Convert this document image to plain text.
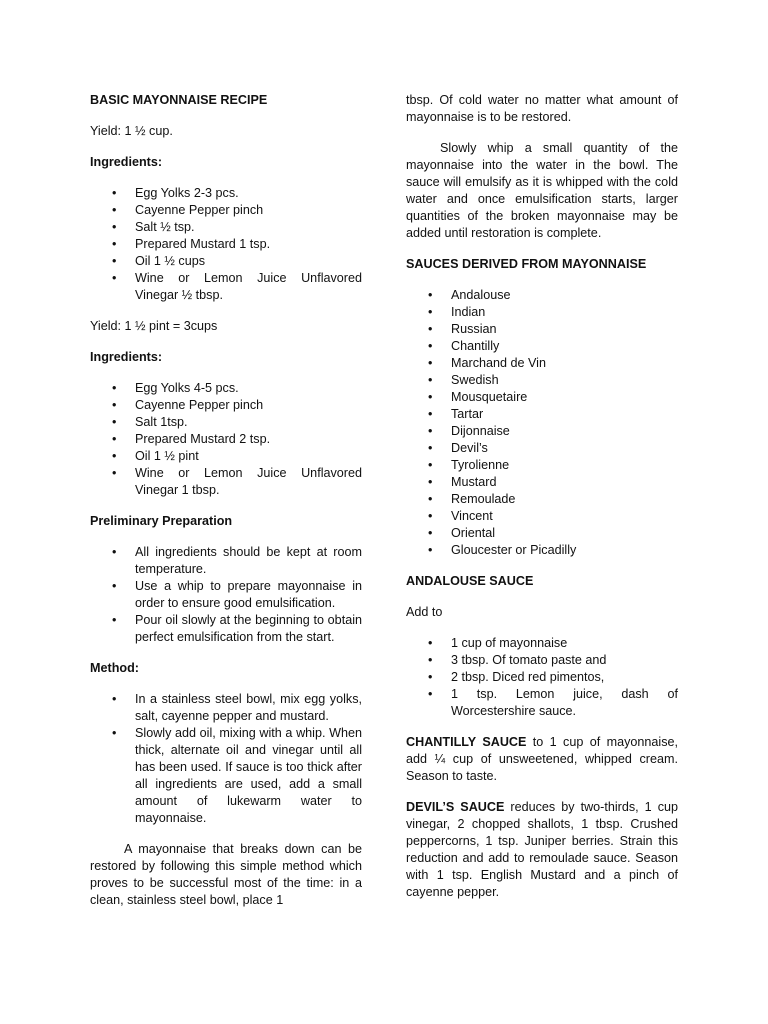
BASIC MAYONNAISE RECIPE

Yield: 1 ½ cup.

Ingredients:
• Egg Yolks 2-3 pcs.
• Cayenne Pepper pinch
• Salt ½ tsp.
• Prepared Mustard 1 tsp.
• Oil 1 ½ cups
• Wine or Lemon Juice Unflavored Vinegar ½ tbsp.

Yield: 1 ½ pint = 3cups

Ingredients:
• Egg Yolks 4-5 pcs.
• Cayenne Pepper pinch
• Salt 1tsp.
• Prepared Mustard 2 tsp.
• Oil 1 ½ pint
• Wine or Lemon Juice Unflavored Vinegar 1 tbsp.
Preliminary Preparation
• All ingredients should be kept at room temperature.
• Use a whip to prepare mayonnaise in order to ensure good emulsification.
• Pour oil slowly at the beginning to obtain perfect emulsification from the start.
Method:
• In a stainless steel bowl, mix egg yolks, salt, cayenne pepper and mustard.
• Slowly add oil, mixing with a whip. When thick, alternate oil and vinegar until all has been used. If sauce is too thick after all ingredients are used, add a small amount of lukewarm water to mayonnaise.

A mayonnaise that breaks down can be restored by following this simple method which proves to be successful most of the time: in a clean, stainless steel bowl, place 1

tbsp. Of cold water no matter what amount of mayonnaise is to be restored.

Slowly whip a small quantity of the mayonnaise into the water in the bowl. The sauce will emulsify as it is whipped with the cold water and once emulsification starts, larger quantities of the broken mayonnaise may be added until restoration is complete.

SAUCES DERIVED FROM MAYONNAISE
• Andalouse
• Indian
• Russian
• Chantilly
• Marchand de Vin
• Swedish
• Mousquetaire
• Tartar
• Dijonnaise
• Devil’s
• Tyrolienne
• Mustard
• Remoulade
• Vincent
• Oriental
• Gloucester or Picadilly
ANDALOUSE SAUCE

Add to

• 1 cup of mayonnaise
• 3 tbsp. Of tomato paste and
• 2 tbsp. Diced red pimentos,
• 1 tsp. Lemon juice, dash of Worcestershire sauce.

CHANTILLY SAUCE to 1 cup of mayonnaise, add ¼ cup of unsweetened, whipped cream. Season to taste.

DEVIL’S SAUCE reduces by two-thirds, 1 cup vinegar, 2 chopped shallots, 1 tbsp. Crushed peppercorns, 1 tsp. Juniper berries. Strain this reduction and add to remoulade sauce. Season with 1 tsp. English Mustard and a pinch of cayenne pepper.
